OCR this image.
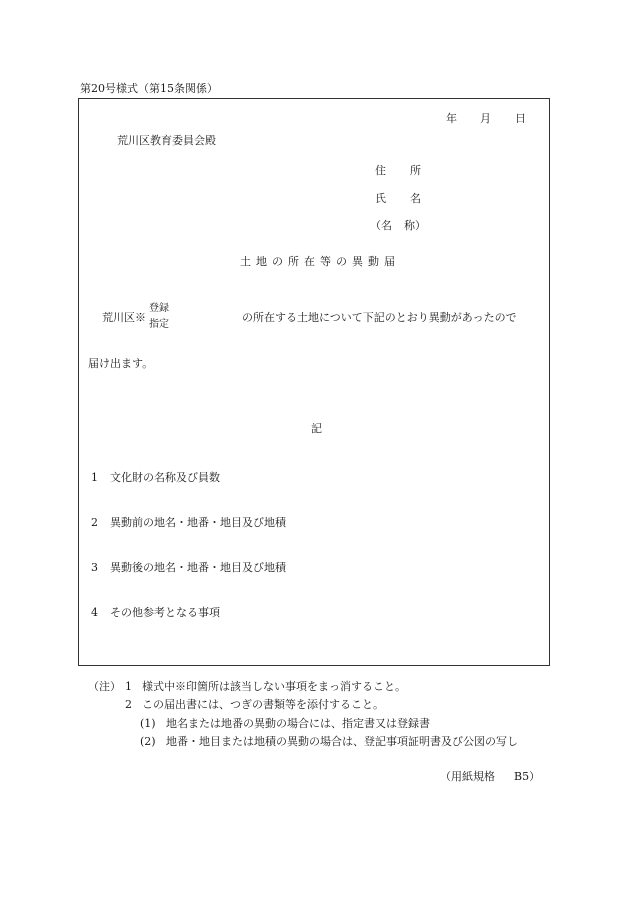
第20号様式（第15条関係）
年 月 日
荒川区教育委員会殿
住 所
氏 名
（名 称）
土地の所在等の異動届
荒川区※
登録
指定
の所在する土地について下記のとおり異動があったので
届け出ます。
記
1 文化財の名称及び員数
2 異動前の地名・地番・地目及び地積
3 異動後の地名・地番・地目及び地積
4 その他参考となる事項
（注） 1 様式中※印箇所は該当しない事項をまっ消すること。
2 この届出書には、つぎの書類等を添付すること。
(1) 地名または地番の異動の場合には、指定書又は登録書
(2) 地番・地目または地積の異動の場合は、登記事項証明書及び公図の写し
（用紙規格 B5）
